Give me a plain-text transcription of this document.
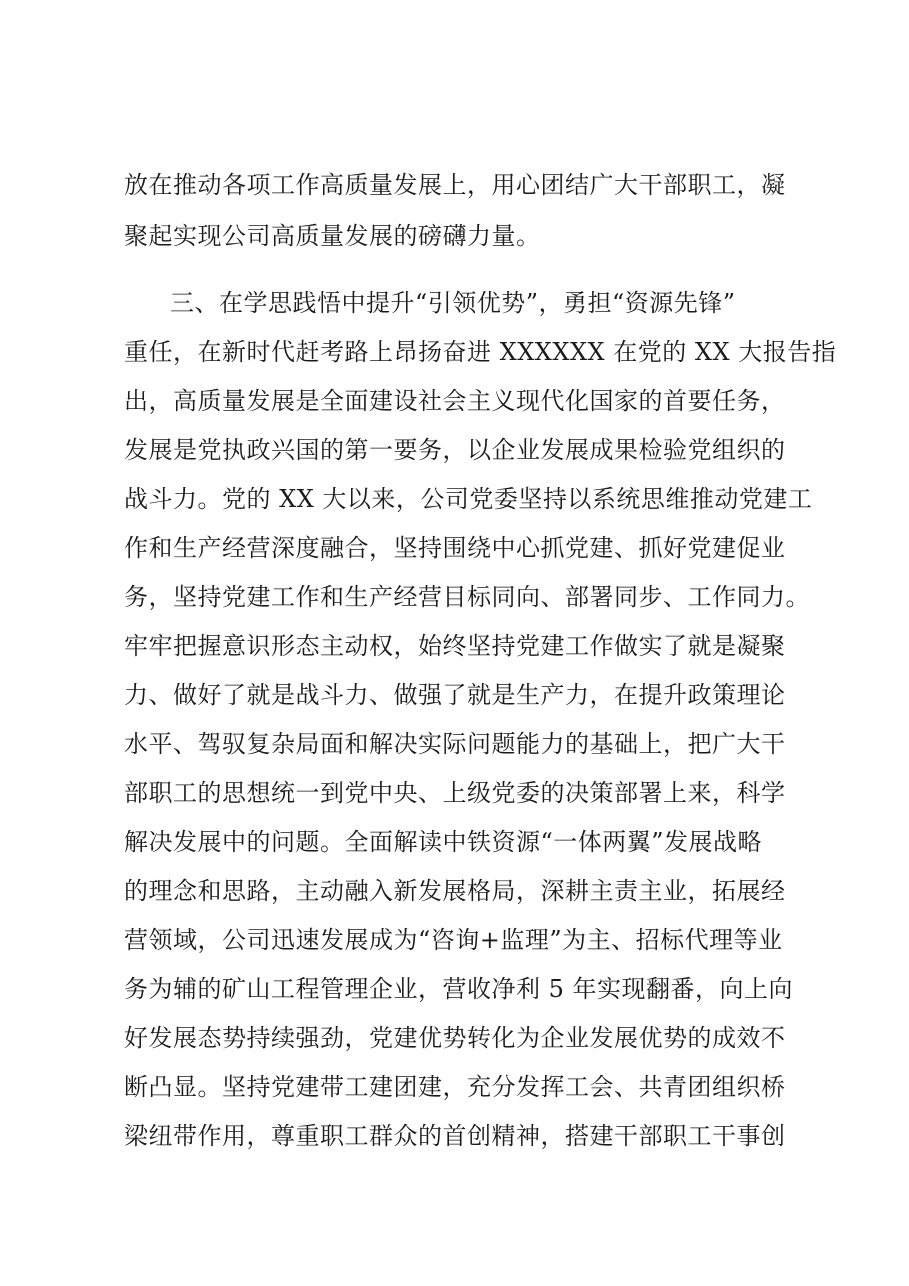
放在推动各项工作高质量发展上，用心团结广大干部职工，凝
聚起实现公司高质量发展的磅礴力量。
三、在学思践悟中提升“引领优势”，勇担“资源先锋”
重任，在新时代赶考路上昂扬奋进 XXXXXX 在党的 XX 大报告指
出，高质量发展是全面建设社会主义现代化国家的首要任务，
发展是党执政兴国的第一要务，以企业发展成果检验党组织的
战斗力。党的 XX 大以来，公司党委坚持以系统思维推动党建工
作和生产经营深度融合，坚持围绕中心抓党建、抓好党建促业
务，坚持党建工作和生产经营目标同向、部署同步、工作同力。
牢牢把握意识形态主动权，始终坚持党建工作做实了就是凝聚
力、做好了就是战斗力、做强了就是生产力，在提升政策理论
水平、驾驭复杂局面和解决实际问题能力的基础上，把广大干
部职工的思想统一到党中央、上级党委的决策部署上来，科学
解决发展中的问题。全面解读中铁资源“一体两翼”发展战略
的理念和思路，主动融入新发展格局，深耕主责主业，拓展经
营领域，公司迅速发展成为“咨询+监理”为主、招标代理等业
务为辅的矿山工程管理企业，营收净利 5 年实现翻番，向上向
好发展态势持续强劲，党建优势转化为企业发展优势的成效不
断凸显。坚持党建带工建团建，充分发挥工会、共青团组织桥
梁纽带作用，尊重职工群众的首创精神，搭建干部职工干事创
